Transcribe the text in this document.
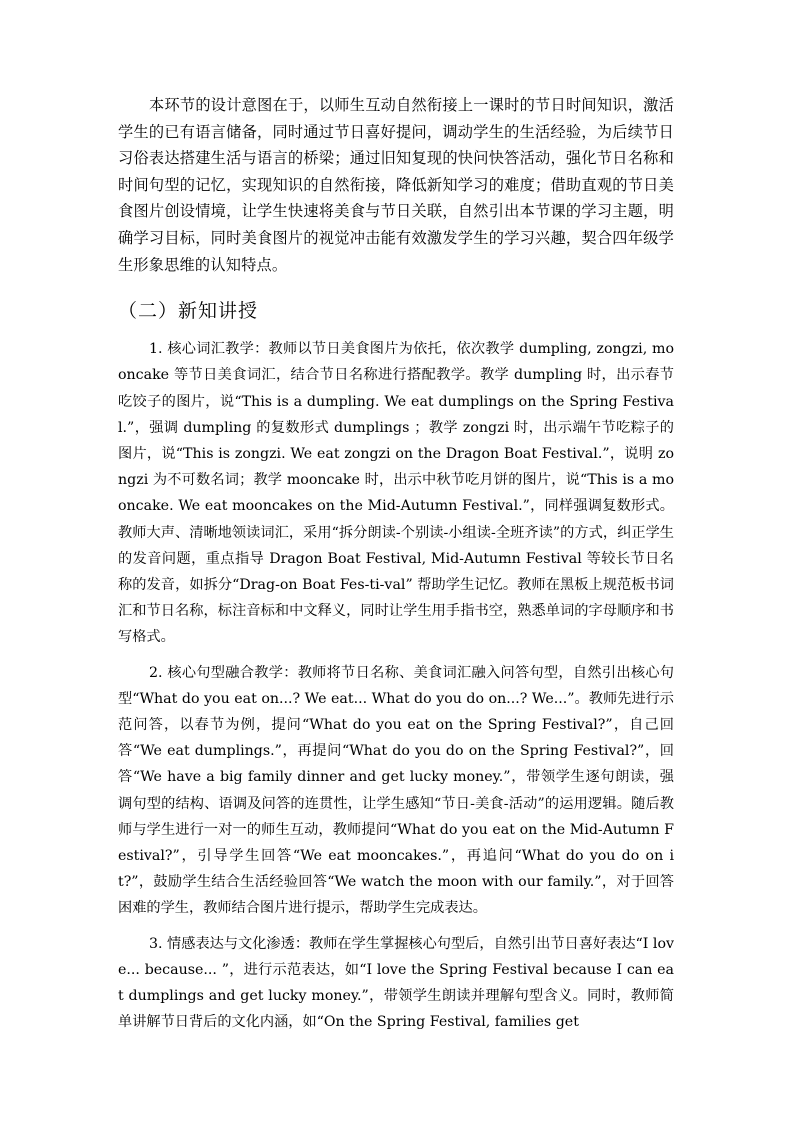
本环节的设计意图在于，以师生互动自然衔接上一课时的节日时间知识，激活学生的已有语言储备，同时通过节日喜好提问，调动学生的生活经验，为后续节日习俗表达搭建生活与语言的桥梁；通过旧知复现的快问快答活动，强化节日名称和时间句型的记忆，实现知识的自然衔接，降低新知学习的难度；借助直观的节日美食图片创设情境，让学生快速将美食与节日关联，自然引出本节课的学习主题，明确学习目标，同时美食图片的视觉冲击能有效激发学生的学习兴趣，契合四年级学生形象思维的认知特点。

（二）新知讲授

1. 核心词汇教学：教师以节日美食图片为依托，依次教学 dumpling, zongzi, mooncake 等节日美食词汇，结合节日名称进行搭配教学。教学 dumpling 时，出示春节吃饺子的图片，说“This is a dumpling. We eat dumplings on the Spring Festival.”，强调 dumpling 的复数形式 dumplings ；教学 zongzi 时，出示端午节吃粽子的图片，说“This is zongzi. We eat zongzi on the Dragon Boat Festival.”，说明 zongzi 为不可数名词；教学 mooncake 时，出示中秋节吃月饼的图片，说“This is a mooncake. We eat mooncakes on the Mid-Autumn Festival.”，同样强调复数形式。教师大声、清晰地领读词汇，采用“拆分朗读-个别读-小组读-全班齐读”的方式，纠正学生的发音问题，重点指导 Dragon Boat Festival, Mid-Autumn Festival 等较长节日名称的发音，如拆分“Drag-on Boat Fes-ti-val” 帮助学生记忆。教师在黑板上规范板书词汇和节日名称，标注音标和中文释义，同时让学生用手指书空，熟悉单词的字母顺序和书写格式。

2. 核心句型融合教学：教师将节日名称、美食词汇融入问答句型，自然引出核心句型“What do you eat on...? We eat... What do you do on...? We...”。教师先进行示范问答，以春节为例，提问“What do you eat on the Spring Festival?”，自己回答“We eat dumplings.”，再提问“What do you do on the Spring Festival?”，回答“We have a big family dinner and get lucky money.”，带领学生逐句朗读，强调句型的结构、语调及问答的连贯性，让学生感知“节日-美食-活动”的运用逻辑。随后教师与学生进行一对一的师生互动，教师提问“What do you eat on the Mid-Autumn Festival?”，引导学生回答“We eat mooncakes.”，再追问“What do you do on it?”，鼓励学生结合生活经验回答“We watch the moon with our family.”，对于回答困难的学生，教师结合图片进行提示，帮助学生完成表达。

3. 情感表达与文化渗透：教师在学生掌握核心句型后，自然引出节日喜好表达“I love... because... ”，进行示范表达，如“I love the Spring Festival because I can eat dumplings and get lucky money.”，带领学生朗读并理解句型含义。同时，教师简单讲解节日背后的文化内涵，如“On the Spring Festival, families get
